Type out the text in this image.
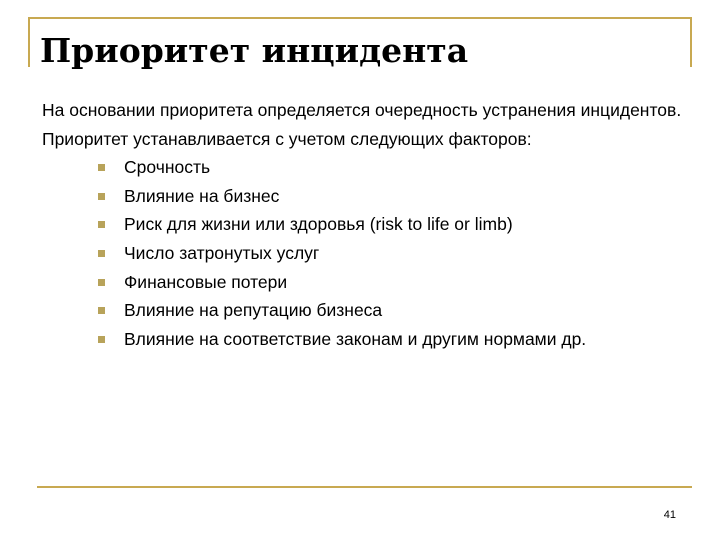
Приоритет инцидента

На основании приоритета определяется очередность устранения инцидентов.

Приоритет устанавливается с учетом следующих факторов:

Срочность
Влияние на бизнес
Риск для жизни или здоровья (risk to life or limb)
Число затронутых услуг
Финансовые потери
Влияние на репутацию бизнеса
Влияние на соответствие законам и другим нормами др.
41
